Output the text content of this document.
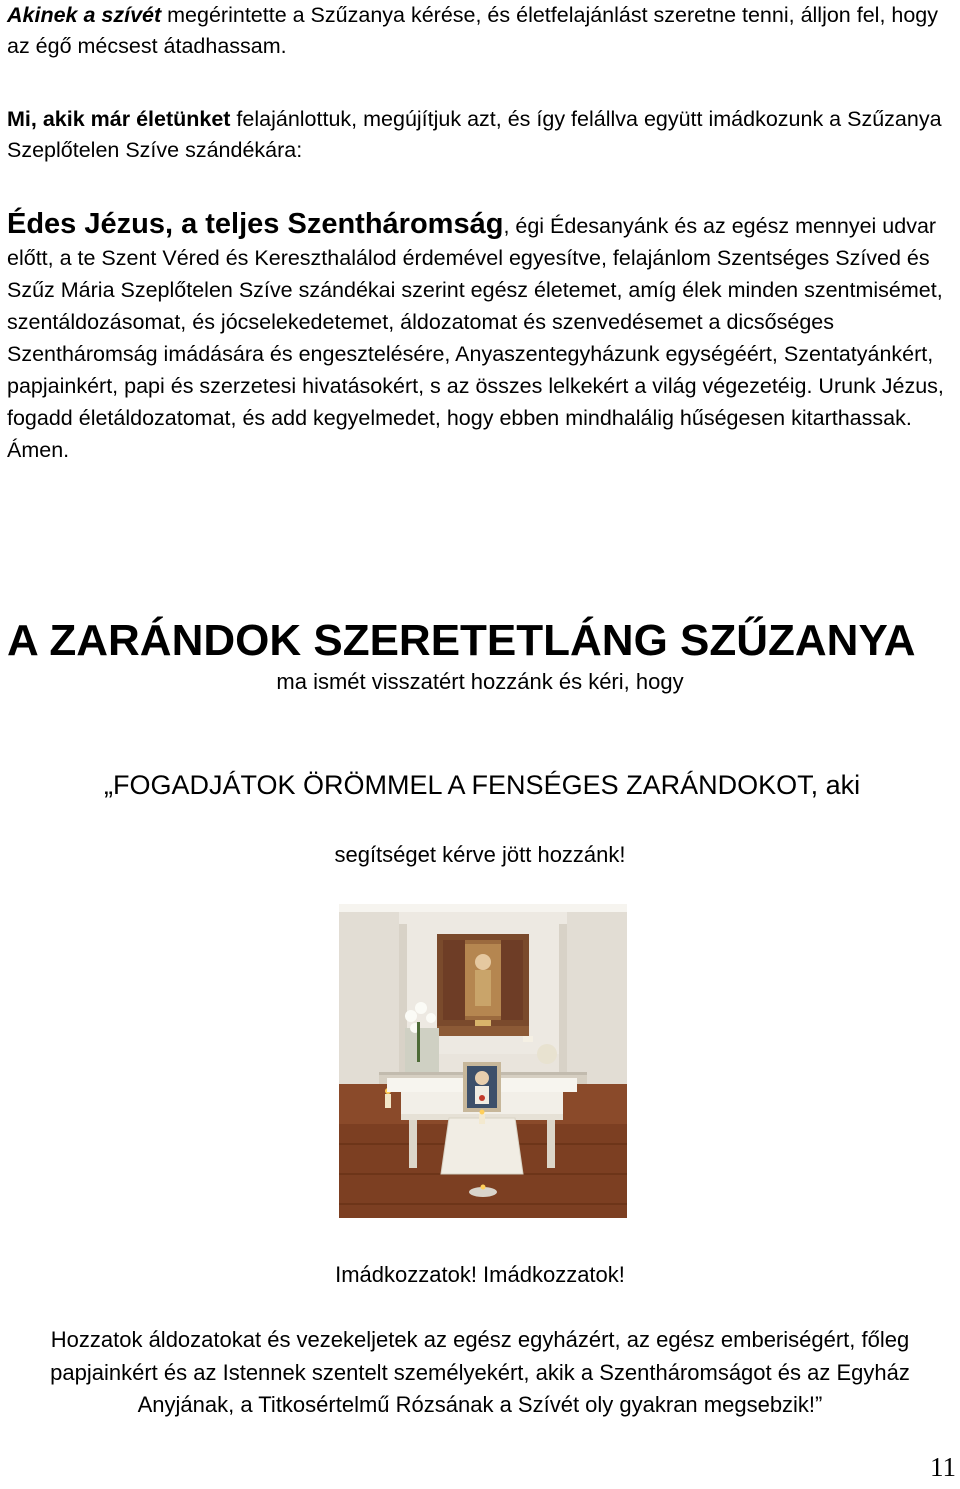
Akinek a szívét megérintette a Szűzanya kérése, és életfelajánlást szeretne tenni, álljon fel, hogy az égő mécsest átadhassam.

Mi, akik már életünket felajánlottuk, megújítjuk azt, és így felállva együtt imádkozunk a Szűzanya Szeplőtelen Szíve szándékára:

Édes Jézus, a teljes Szentháromság, égi Édesanyánk és az egész mennyei udvar előtt, a te Szent Véred és Kereszthalálod érdemével egyesítve, felajánlom Szentséges Szíved és Szűz Mária Szeplőtelen Szíve szándékai szerint egész életemet, amíg élek minden szentmisémet, szentáldozásomat, és jócselekedetemet, áldozatomat és szenvedésemet a dicsőséges Szentháromság imádására és engesztelésére, Anyaszentegyházunk egységéért, Szentatyánkért, papjainkért, papi és szerzetesi hivatásokért, s az összes lelkekért a világ végezetéig. Urunk Jézus, fogadd életáldozatomat, és add kegyelmedet, hogy ebben mindhalálig hűségesen kitarthassak. Ámen.

A ZARÁNDOK SZERETETLÁNG SZŰZANYA

ma ismét visszatért hozzánk és kéri, hogy

„FOGADJÁTOK ÖRÖMMEL A FENSÉGES ZARÁNDOKOT, aki

segítséget kérve jött hozzánk!

Imádkozzatok! Imádkozzatok!

Hozzatok áldozatokat és vezekeljetek az egész egyházért, az egész emberiségért, főleg papjainkért és az Istennek szentelt személyekért, akik a Szentháromságot és az Egyház Anyjának, a Titkosértelmű Rózsának a Szívét oly gyakran megsebzik!”

11
